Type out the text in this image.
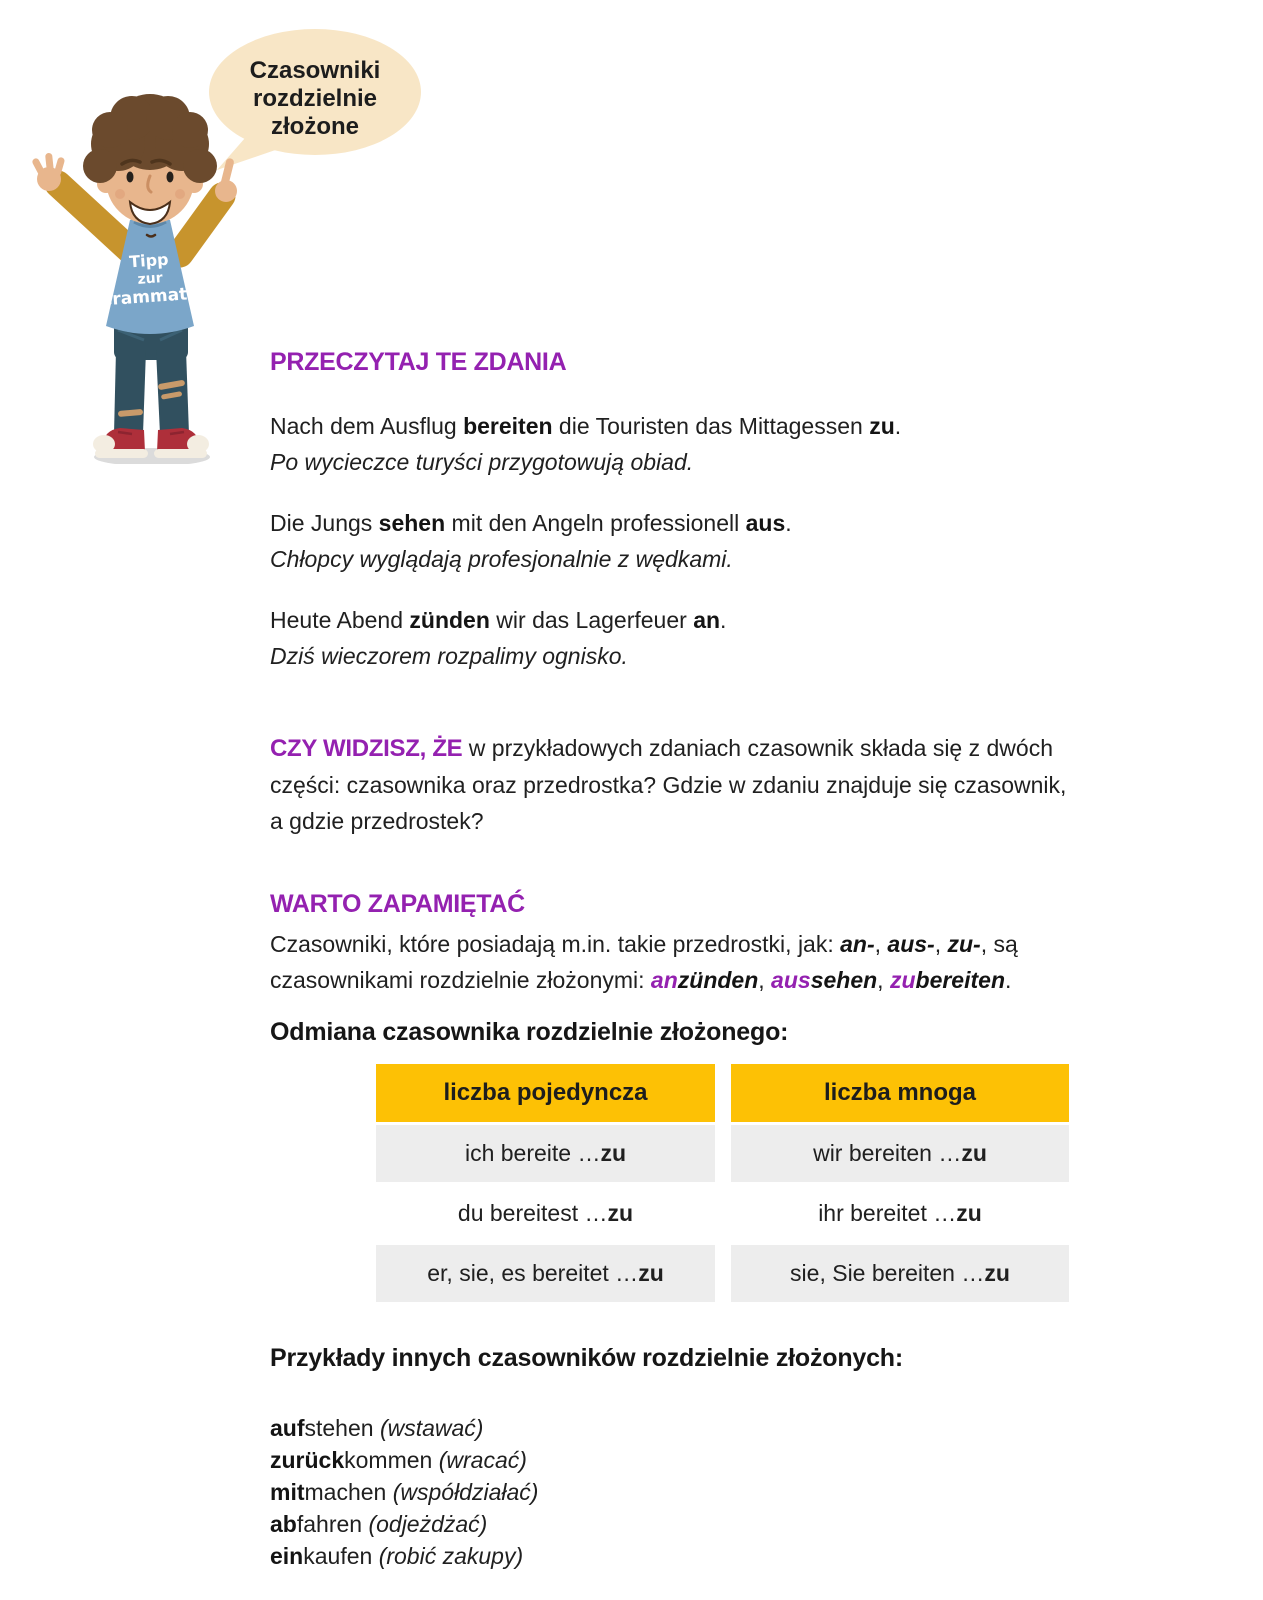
Czasowniki
rozdzielnie
złożone
Tipp
zur
Grammatik
PRZECZYTAJ TE ZDANIA
Nach dem Ausflug bereiten die Touristen das Mittagessen zu.
Po wycieczce turyści przygotowują obiad.
Die Jungs sehen mit den Angeln professionell aus.
Chłopcy wyglądają profesjonalnie z wędkami.
Heute Abend zünden wir das Lagerfeuer an.
Dziś wieczorem rozpalimy ognisko.
CZY WIDZISZ, ŻE w przykładowych zdaniach czasownik składa się z dwóch
części: czasownika oraz przedrostka? Gdzie w zdaniu znajduje się czasownik,
a gdzie przedrostek?
WARTO ZAPAMIĘTAĆ
Czasowniki, które posiadają m.in. takie przedrostki, jak: an-, aus-, zu-, są
czasownikami rozdzielnie złożonymi: anzünden, aussehen, zubereiten.
Odmiana czasownika rozdzielnie złożonego:
liczba pojedyncza	liczba mnoga
ich bereite … zu	wir bereiten … zu
du bereitest … zu	ihr bereitet … zu
er, sie, es bereitet … zu	sie, Sie bereiten … zu
Przykłady innych czasowników rozdzielnie złożonych:
aufstehen (wstawać)
zurückkommen (wracać)
mitmachen (współdziałać)
abfahren (odjeżdżać)
einkaufen (robić zakupy)
